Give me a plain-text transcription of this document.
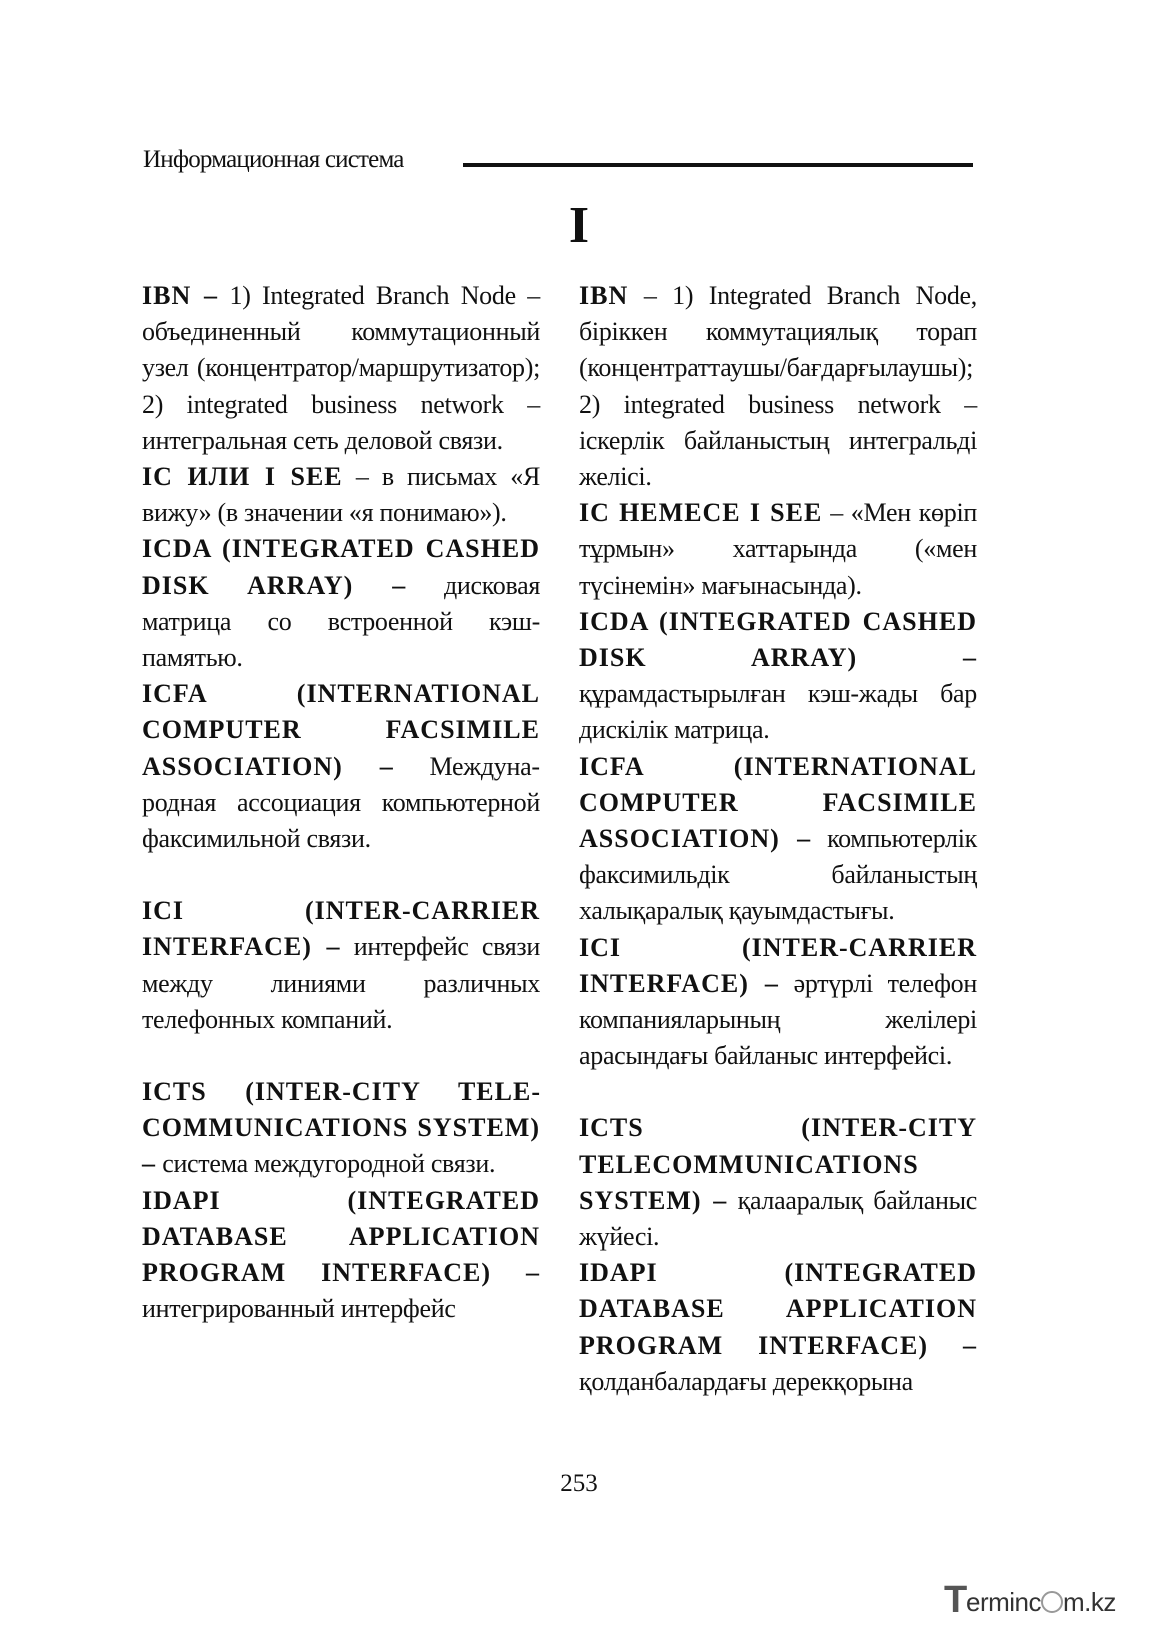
Информационная система
I

IBN – 1) Integrated Branch Node – объединенный коммутационный узел (концентратор/маршрутизатор); 2) integrated business network – интегральная сеть деловой связи.

IC ИЛИ I SEE – в письмах «Я вижу» (в значении «я понимаю»).

ICDA (INTEGRATED CASHED DISK ARRAY) – дисковая матрица со встроенной кэш-памятью.

ICFA (INTERNATIONAL COMPUTER FACSIMILE ASSOCIATION) – Международная ассоциация компьютерной факсимильной связи.

ICI (INTER-CARRIER INTERFACE) – интерфейс связи между линиями различных телефонных компаний.

ICTS (INTER-CITY TELECOMMUNICATIONS SYSTEM) – система междугородной связи.

IDAPI (INTEGRATED DATABASE APPLICATION PROGRAM INTERFACE) – интегрированный интерфейс

IBN – 1) Integrated Branch Node, біріккен коммутациялық торап (концентраттаушы/бағдарғылаушы); 2) integrated business network – іскерлік байланыстың интегральді желісі.

IC НЕМЕСЕ I SEE – «Мен көріп тұрмын» хаттарында («мен түсінемін» мағынасында).

ICDA (INTEGRATED CASHED DISK ARRAY) – құрамдастырылған кэш-жады бар дискілік матрица.

ICFA (INTERNATIONAL COMPUTER FACSIMILE ASSOCIATION) – компьютерлік факсимильдік байланыстың халықаралық қауымдастығы.

ICI (INTER-CARRIER INTERFACE) – әртүрлі телефон компанияларының желілері арасындағы байланыс интерфейсі.

ICTS (INTER-CITY TELECOMMUNICATIONS SYSTEM) – қалааралық байланыс жүйесі.

IDAPI (INTEGRATED DATABASE APPLICATION PROGRAM INTERFACE) – қолданбалардағы дерекқорына

253
T
erminc m.kz
